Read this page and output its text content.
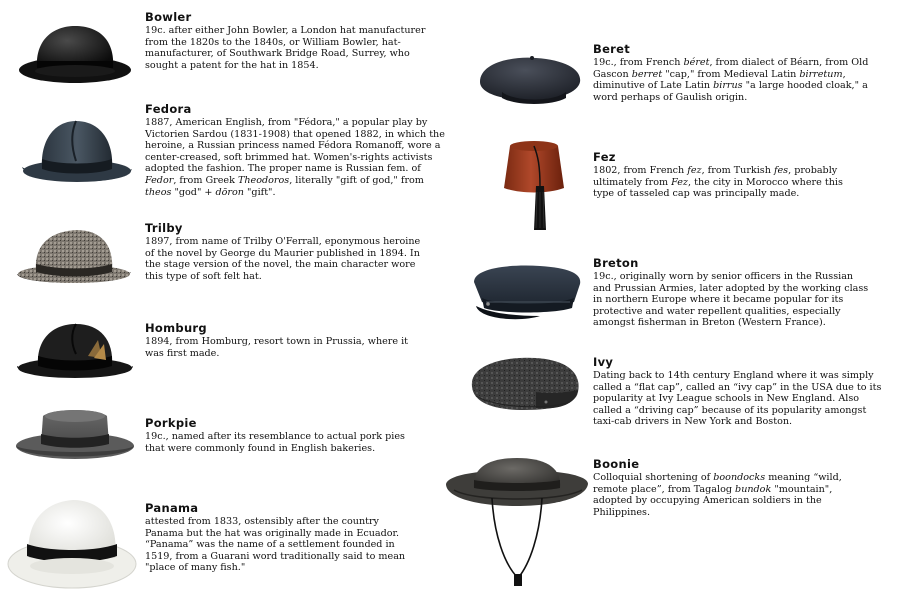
Bowler
19c. after either John Bowler, a London hat manufacturer
from the 1820s to the 1840s, or William Bowler, hat-
manufacturer, of Southwark Bridge Road, Surrey, who
sought a patent for the hat in 1854.
Fedora
1887, American English, from "Fédora," a popular play by
Victorien Sardou (1831-1908) that opened 1882, in which the
heroine, a Russian princess named Fédora Romanoff, wore a
center-creased, soft brimmed hat. Women's-rights activists
adopted the fashion. The proper name is Russian fem. of
Fedor, from Greek Theodoros, literally "gift of god," from
theos "god" + dōron "gift".
Trilby
1897, from name of Trilby O'Ferrall, eponymous heroine
of the novel by George du Maurier published in 1894. In
the stage version of the novel, the main character wore
this type of soft felt hat.
Homburg
1894, from Homburg, resort town in Prussia, where it
was first made.
Porkpie
19c., named after its resemblance to actual pork pies
that were commonly found in English bakeries.
Panama
attested from 1833, ostensibly after the country
Panama but the hat was originally made in Ecuador.
“Panama” was the name of a settlement founded in
1519, from a Guarani word traditionally said to mean
"place of many fish."
Beret
19c., from French béret, from dialect of Béarn, from Old
Gascon berret "cap," from Medieval Latin birretum,
diminutive of Late Latin birrus "a large hooded cloak," a
word perhaps of Gaulish origin.
Fez
1802, from French fez, from Turkish fes, probably
ultimately from Fez, the city in Morocco where this
type of tasseled cap was principally made.
Breton
19c., originally worn by senior officers in the Russian
and Prussian Armies, later adopted by the working class
in northern Europe where it became popular for its
protective and water repellent qualities, especially
amongst fisherman in Breton (Western France).
Ivy
Dating back to 14th century England where it was simply
called a “flat cap”, called an “ivy cap” in the USA due to its
popularity at Ivy League schools in New England. Also
called a “driving cap” because of its popularity amongst
taxi-cab drivers in New York and Boston.
Boonie
Colloquial shortening of boondocks meaning “wild,
remote place”, from Tagalog bundok "mountain",
adopted by occupying American soldiers in the
Philippines.
